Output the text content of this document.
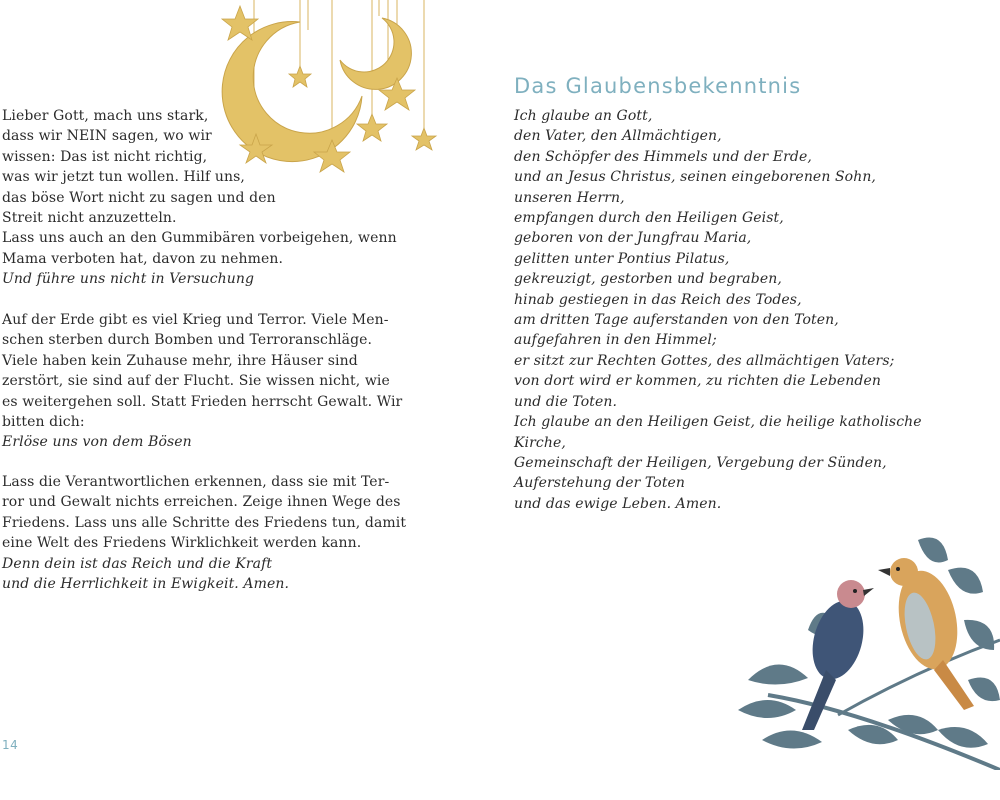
Lieber Gott, mach uns stark,
dass wir NEIN sagen, wo wir
wissen: Das ist nicht richtig,
was wir jetzt tun wollen. Hilf uns,
das böse Wort nicht zu sagen und den
Streit nicht anzuzetteln.
Lass uns auch an den Gummibären vorbeigehen, wenn
Mama verboten hat, davon zu nehmen.
Und führe uns nicht in Versuchung
Auf der Erde gibt es viel Krieg und Terror. Viele Men-
schen sterben durch Bomben und Terroranschläge.
Viele haben kein Zuhause mehr, ihre Häuser sind
zerstört, sie sind auf der Flucht. Sie wissen nicht, wie
es weitergehen soll. Statt Frieden herrscht Gewalt. Wir
bitten dich:
Erlöse uns von dem Bösen
Lass die Verantwortlichen erkennen, dass sie mit Ter-
ror und Gewalt nichts erreichen. Zeige ihnen Wege des
Friedens. Lass uns alle Schritte des Friedens tun, damit
eine Welt des Friedens Wirklichkeit werden kann.
Denn dein ist das Reich und die Kraft
und die Herrlichkeit in Ewigkeit. Amen.
14
Das Glaubensbekenntnis
Ich glaube an Gott,
den Vater, den Allmächtigen,
den Schöpfer des Himmels und der Erde,
und an Jesus Christus, seinen eingeborenen Sohn,
unseren Herrn,
empfangen durch den Heiligen Geist,
geboren von der Jungfrau Maria,
gelitten unter Pontius Pilatus,
gekreuzigt, gestorben und begraben,
hinab gestiegen in das Reich des Todes,
am dritten Tage auferstanden von den Toten,
aufgefahren in den Himmel;
er sitzt zur Rechten Gottes, des allmächtigen Vaters;
von dort wird er kommen, zu richten die Lebenden
und die Toten.
Ich glaube an den Heiligen Geist, die heilige katholische
Kirche,
Gemeinschaft der Heiligen, Vergebung der Sünden,
Auferstehung der Toten
und das ewige Leben. Amen.
